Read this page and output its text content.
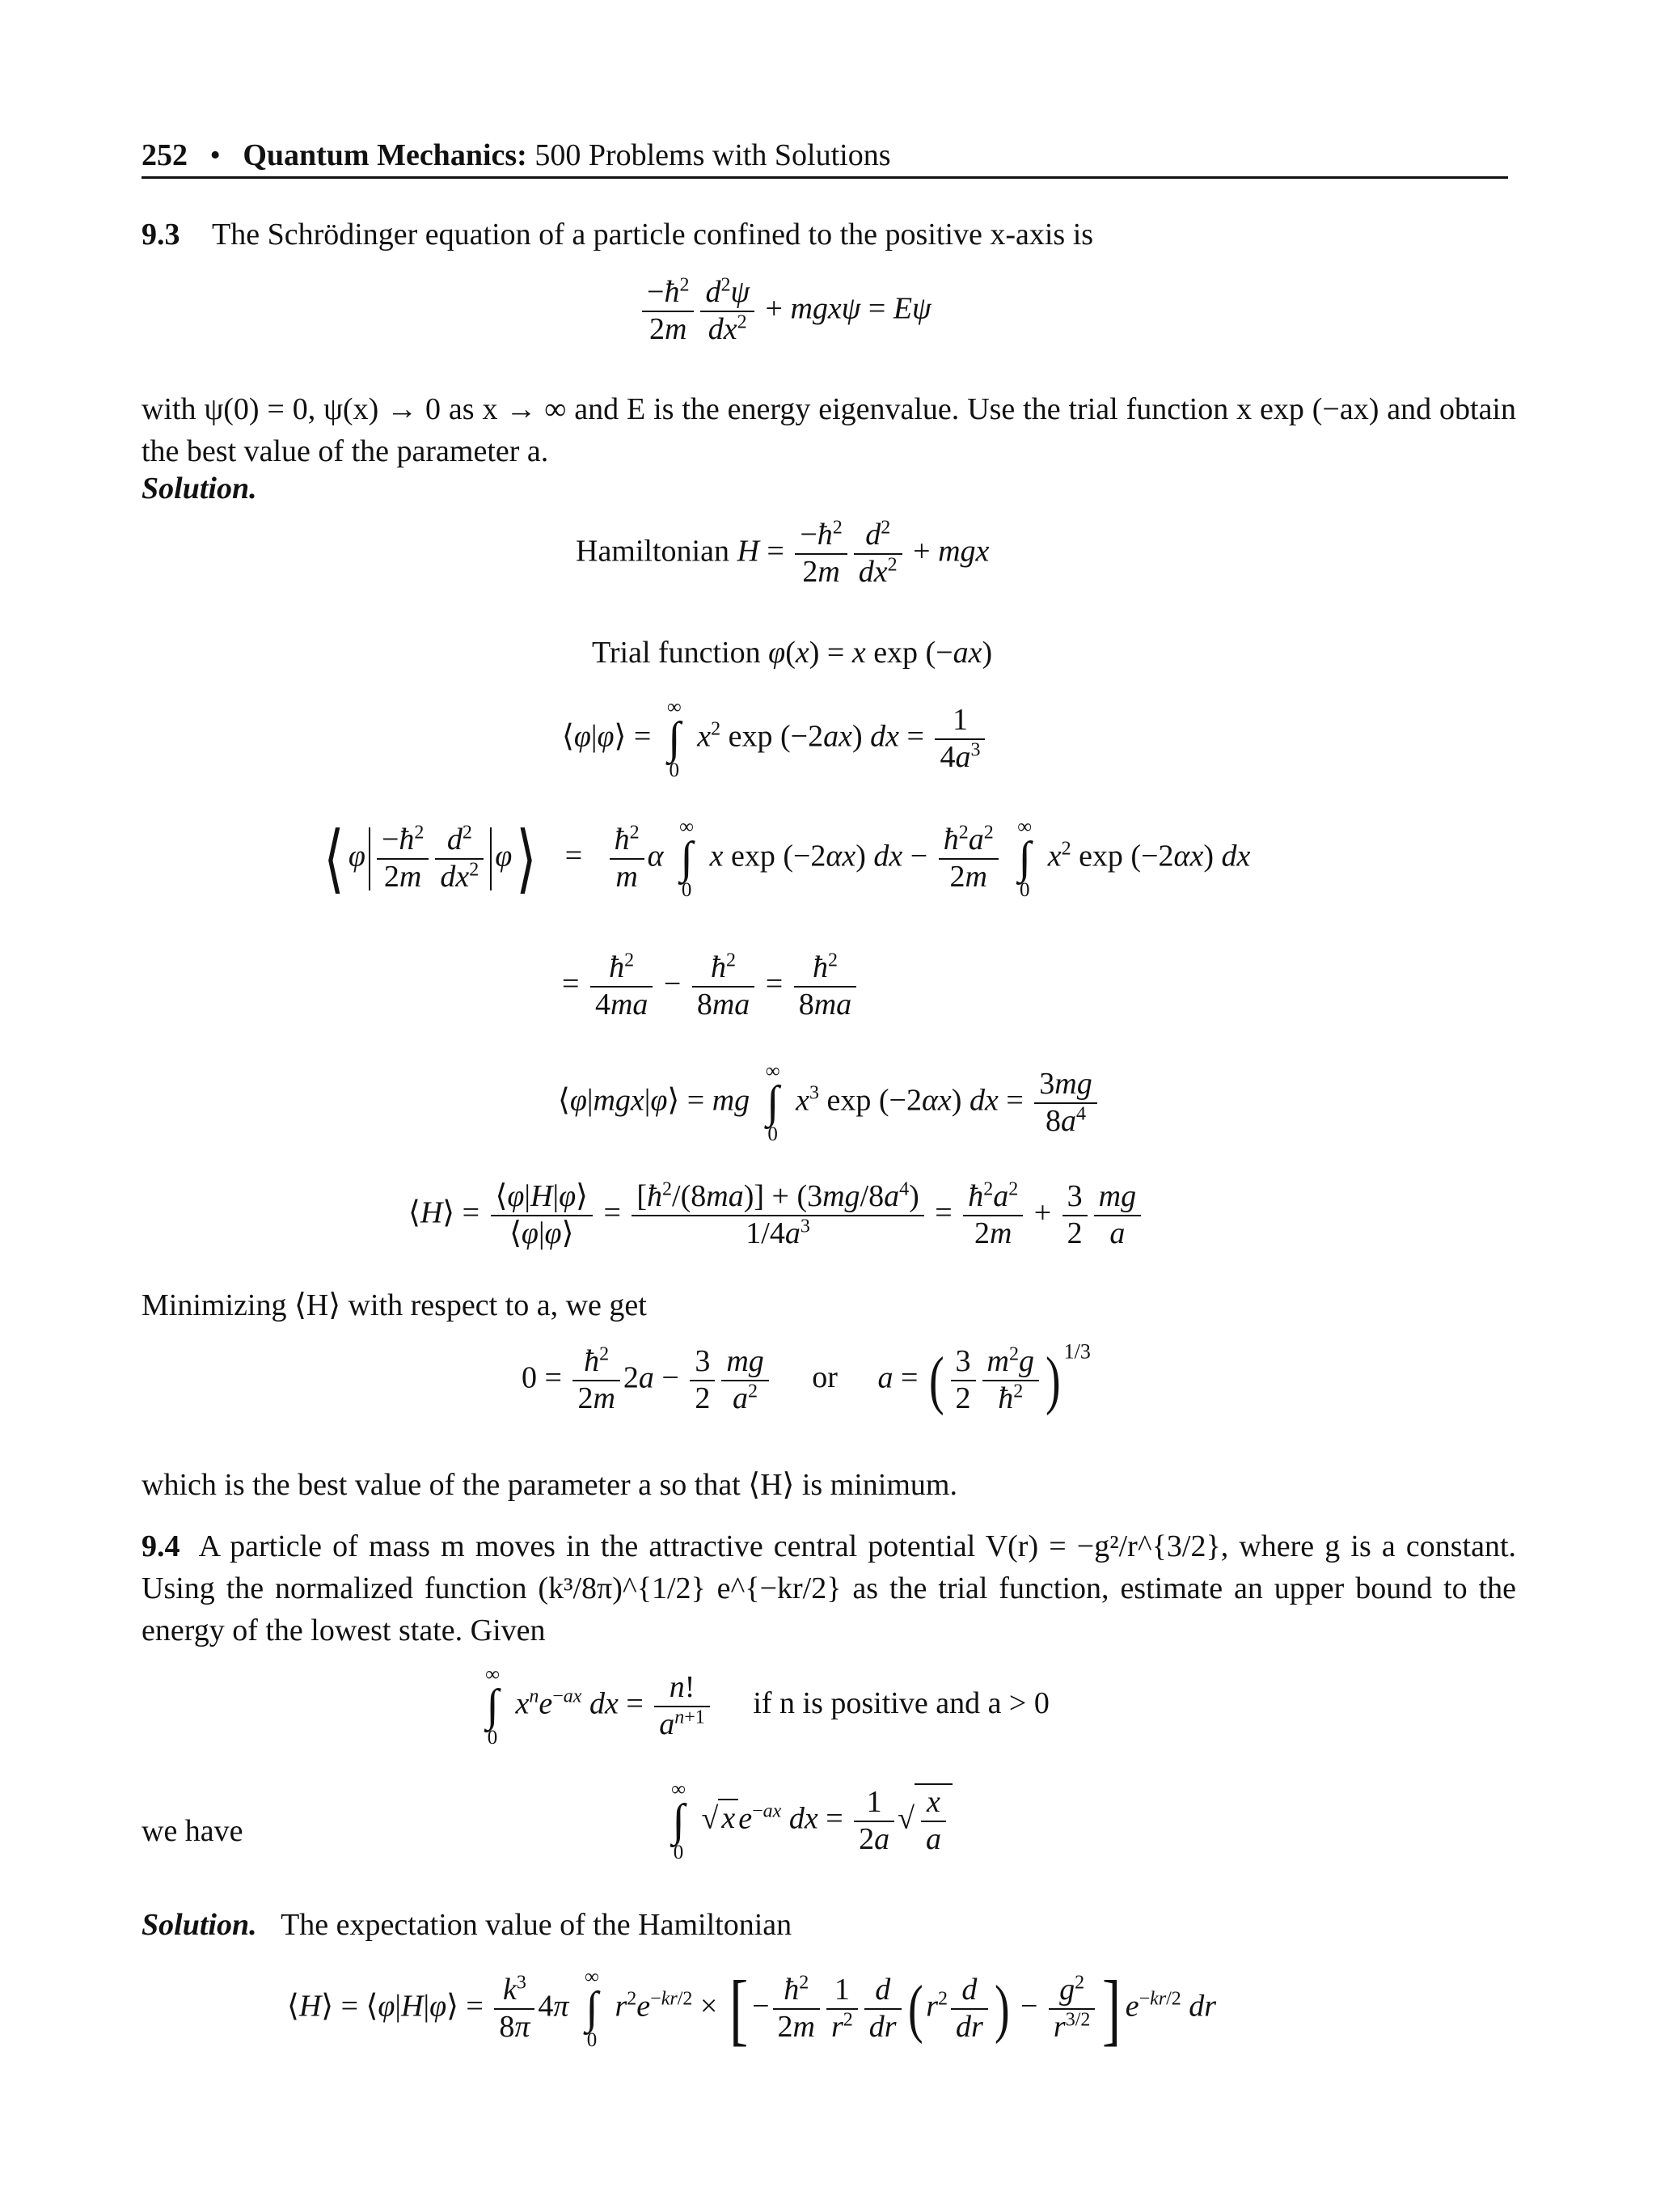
252 • Quantum Mechanics: 500 Problems with Solutions
9.3 The Schrödinger equation of a particle confined to the positive x-axis is
$\frac{-ħ^2}{2m} \frac{d^2\psi}{dx^2} + mgx\psi = E\psi$
with ψ(0) = 0, ψ(x) → 0 as x → ∞ and E is the energy eigenvalue. Use the trial function x exp (−ax) and obtain the best value of the parameter a.
Solution.
Hamiltonian $H = \frac{-ħ^2}{2m} \frac{d^2}{dx^2}$ + mgx
Trial function φ(x) = x exp (−ax)
⟨φ|φ⟩ =
∞
∫
0
$x^2$ exp (−2ax) dx = $\frac{1}{4a^3}$
⟨ φ $\frac{-ħ^2}{2m} \frac{d^2}{dx^2}$ φ⟩ = $\frac{ħ^2}{m}$ α
∞
∫
0
x exp (−2αx) dx − $\frac{ħ^2a^2}{2m}$
∞
∫
0
$x^2$ exp (−2αx) dx
= $\frac{ħ^2}{4ma} - \frac{ħ^2}{8ma} = \frac{ħ^2}{8ma}$
⟨φ|mgx|φ⟩ = mg
∞
∫
0
$x^3$ exp (−2αx) dx = $\frac{3mg}{8a^4}$
⟨H⟩ = $\frac{⟨\varphi|H|\varphi⟩}{⟨\varphi|\varphi⟩} = \frac{[ħ^2/(8ma)] + (3mg/8a^4)}{1/4a^3} = \frac{ħ^2a^2}{2m} + \frac{3}{2} \frac{mg}{a}$
Minimizing ⟨H⟩ with respect to a, we get
$0 = \frac{ħ^2}{2m} 2a - \frac{3}{2} \frac{mg}{a^2}$ or a = ( $\frac{3}{2} \frac{m^2g}{ħ^2}$ ) $^{1/3}$
which is the best value of the parameter a so that ⟨H⟩ is minimum.
9.4 A particle of mass m moves in the attractive central potential V(r) = −g²/r^{3/2}, where g is a constant. Using the normalized function (k³/8π)^{1/2} e^{−kr/2} as the trial function, estimate an upper bound to the energy of the lowest state. Given
∞
∫
0
$x^ne^{-ax}$ dx = $\frac{n!}{a^{n+1}}$ if n is positive and a > 0
we have
∞
∫
0
√ x $e^{-ax}$ dx = $\frac{1}{2a}$ √ $\frac{x}{a}$
Solution. The expectation value of the Hamiltonian
⟨H⟩ = ⟨φ|H|φ⟩ = $\frac{k^3}{8\pi} 4\pi$
∞
∫
0
$r^2e^{-kr/2}$ × [ − $\frac{ħ^2}{2m} \frac{1}{r^2} \frac{d}{dr}$ ( $r^2 \frac{d}{dr}$ ) − $\frac{g^2}{r^{3/2}}$ ] $e^{-kr/2}$ dr
